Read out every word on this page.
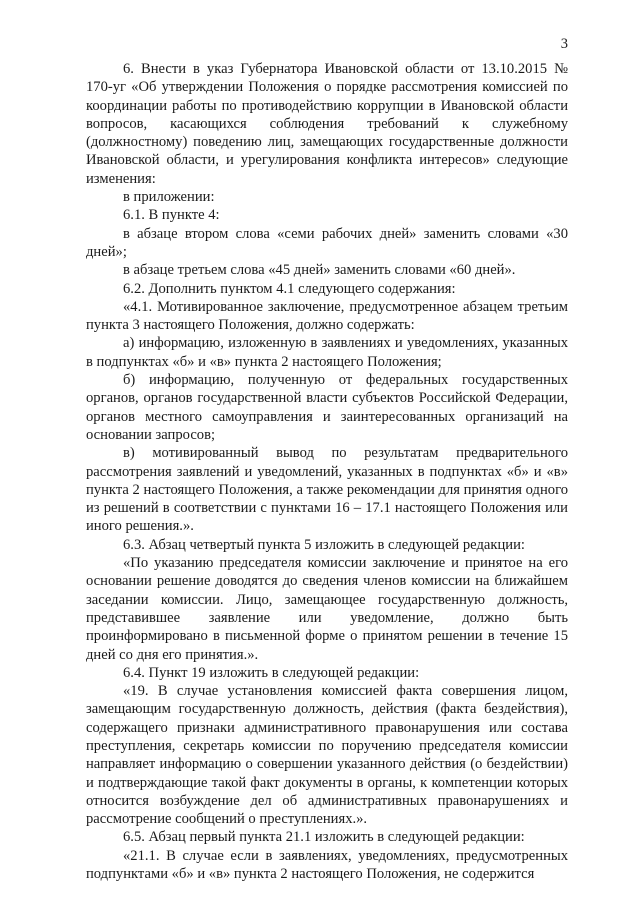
3

6. Внести в указ Губернатора Ивановской области от 13.10.2015 № 170-уг «Об утверждении Положения о порядке рассмотрения комиссией по координации работы по противодействию коррупции в Ивановской области вопросов, касающихся соблюдения требований к служебному (должностному) поведению лиц, замещающих государственные должности Ивановской области, и урегулирования конфликта интересов» следующие изменения:

в приложении:

6.1. В пункте 4:

в абзаце втором слова «семи рабочих дней» заменить словами «30 дней»;

в абзаце третьем слова «45 дней» заменить словами «60 дней».

6.2. Дополнить пунктом 4.1 следующего содержания:

«4.1. Мотивированное заключение, предусмотренное абзацем третьим пункта 3 настоящего Положения, должно содержать:

а) информацию, изложенную в заявлениях и уведомлениях, указанных в подпунктах «б» и «в» пункта 2 настоящего Положения;

б) информацию, полученную от федеральных государственных органов, органов государственной власти субъектов Российской Федерации, органов местного самоуправления и заинтересованных организаций на основании запросов;

в) мотивированный вывод по результатам предварительного рассмотрения заявлений и уведомлений, указанных в подпунктах «б» и «в» пункта 2 настоящего Положения, а также рекомендации для принятия одного из решений в соответствии с пунктами 16 – 17.1 настоящего Положения или иного решения.».

6.3. Абзац четвертый пункта 5 изложить в следующей редакции:

«По указанию председателя комиссии заключение и принятое на его основании решение доводятся до сведения членов комиссии на ближайшем заседании комиссии. Лицо, замещающее государственную должность, представившее заявление или уведомление, должно быть проинформировано в письменной форме о принятом решении в течение 15 дней со дня его принятия.».

6.4. Пункт 19 изложить в следующей редакции:

«19. В случае установления комиссией факта совершения лицом, замещающим государственную должность, действия (факта бездействия), содержащего признаки административного правонарушения или состава преступления, секретарь комиссии по поручению председателя комиссии направляет информацию о совершении указанного действия (о бездействии) и подтверждающие такой факт документы в органы, к компетенции которых относится возбуждение дел об административных правонарушениях и рассмотрение сообщений о преступлениях.».

6.5. Абзац первый пункта 21.1 изложить в следующей редакции:

«21.1. В случае если в заявлениях, уведомлениях, предусмотренных подпунктами «б» и «в» пункта 2 настоящего Положения, не содержится
